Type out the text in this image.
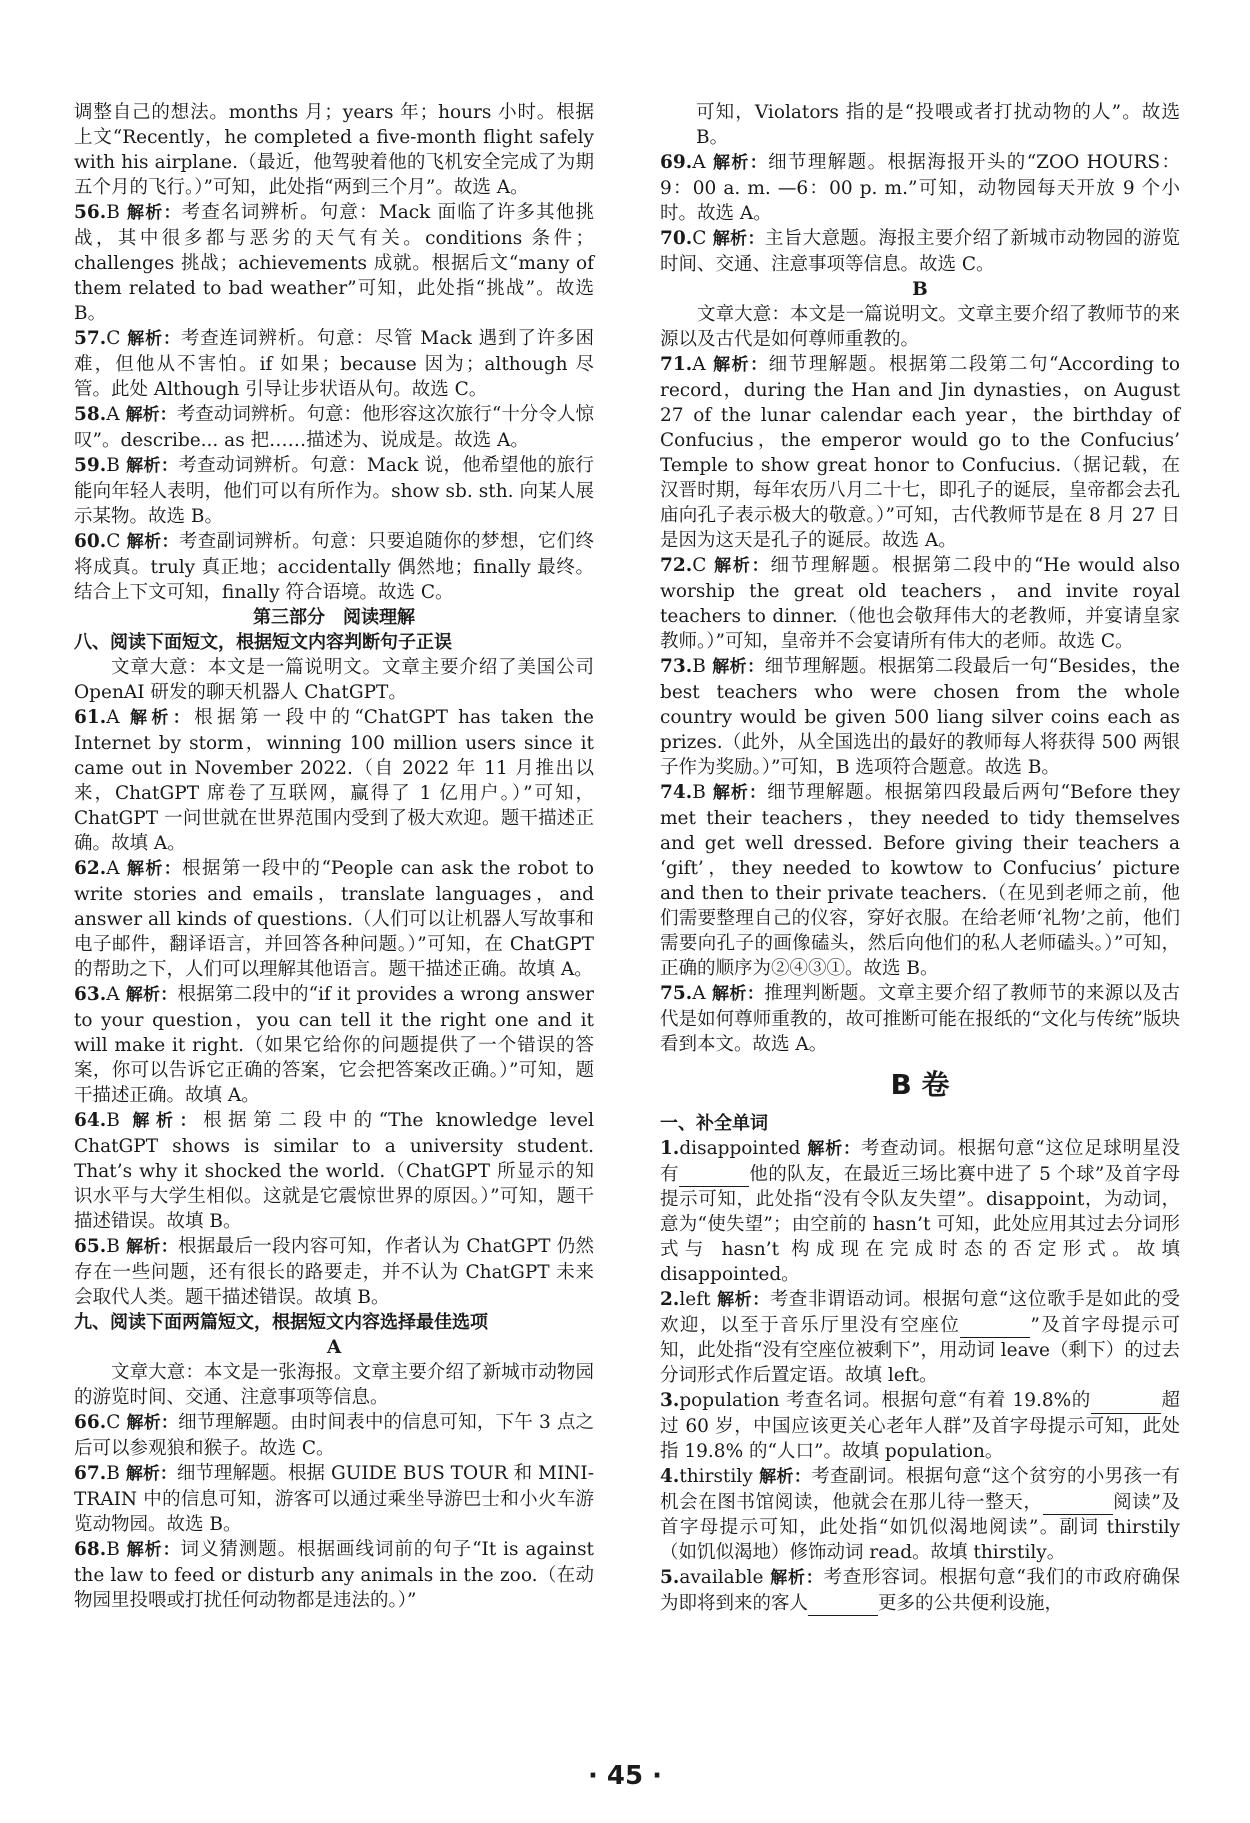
调整自己的想法。months 月；years 年；hours 小时。根据上文“Recently，he completed a five-month flight safely with his airplane.（最近，他驾驶着他的飞机安全完成了为期五个月的飞行。）”可知，此处指“两到三个月”。故选 A。

56.B 解析：考查名词辨析。句意：Mack 面临了许多其他挑战，其中很多都与恶劣的天气有关。conditions 条件；challenges 挑战；achievements 成就。根据后文“many of them related to bad weather”可知，此处指“挑战”。故选 B。

57.C 解析：考查连词辨析。句意：尽管 Mack 遇到了许多困难，但他从不害怕。if 如果；because 因为；although 尽管。此处 Although 引导让步状语从句。故选 C。

58.A 解析：考查动词辨析。句意：他形容这次旅行“十分令人惊叹”。describe... as 把……描述为、说成是。故选 A。

59.B 解析：考查动词辨析。句意：Mack 说，他希望他的旅行能向年轻人表明，他们可以有所作为。show sb. sth. 向某人展示某物。故选 B。

60.C 解析：考查副词辨析。句意：只要追随你的梦想，它们终将成真。truly 真正地；accidentally 偶然地；finally 最终。结合上下文可知，finally 符合语境。故选 C。

第三部分　阅读理解

八、阅读下面短文，根据短文内容判断句子正误

文章大意：本文是一篇说明文。文章主要介绍了美国公司 OpenAI 研发的聊天机器人 ChatGPT。

61.A 解析：根据第一段中的“ChatGPT has taken the Internet by storm，winning 100 million users since it came out in November 2022.（自 2022 年 11 月推出以来，ChatGPT 席卷了互联网，赢得了 1 亿用户。）”可知，ChatGPT 一问世就在世界范围内受到了极大欢迎。题干描述正确。故填 A。

62.A 解析：根据第一段中的“People can ask the robot to write stories and emails，translate languages，and answer all kinds of questions.（人们可以让机器人写故事和电子邮件，翻译语言，并回答各种问题。）”可知，在 ChatGPT 的帮助之下，人们可以理解其他语言。题干描述正确。故填 A。

63.A 解析：根据第二段中的“if it provides a wrong answer to your question，you can tell it the right one and it will make it right.（如果它给你的问题提供了一个错误的答案，你可以告诉它正确的答案，它会把答案改正确。）”可知，题干描述正确。故填 A。

64.B 解析：根据第二段中的“The knowledge level ChatGPT shows is similar to a university student. That’s why it shocked the world.（ChatGPT 所显示的知识水平与大学生相似。这就是它震惊世界的原因。）”可知，题干描述错误。故填 B。

65.B 解析：根据最后一段内容可知，作者认为 ChatGPT 仍然存在一些问题，还有很长的路要走，并不认为 ChatGPT 未来会取代人类。题干描述错误。故填 B。

九、阅读下面两篇短文，根据短文内容选择最佳选项

A

文章大意：本文是一张海报。文章主要介绍了新城市动物园的游览时间、交通、注意事项等信息。

66.C 解析：细节理解题。由时间表中的信息可知，下午 3 点之后可以参观狼和猴子。故选 C。

67.B 解析：细节理解题。根据 GUIDE BUS TOUR 和 MINI-TRAIN 中的信息可知，游客可以通过乘坐导游巴士和小火车游览动物园。故选 B。

68.B 解析：词义猜测题。根据画线词前的句子“It is against the law to feed or disturb any animals in the zoo.（在动物园里投喂或打扰任何动物都是违法的。）”

可知，Violators 指的是“投喂或者打扰动物的人”。故选 B。

69.A 解析：细节理解题。根据海报开头的“ZOO HOURS：9：00 a. m. —6：00 p. m.”可知，动物园每天开放 9 个小时。故选 A。

70.C 解析：主旨大意题。海报主要介绍了新城市动物园的游览时间、交通、注意事项等信息。故选 C。

B

文章大意：本文是一篇说明文。文章主要介绍了教师节的来源以及古代是如何尊师重教的。

71.A 解析：细节理解题。根据第二段第二句“According to record，during the Han and Jin dynasties，on August 27 of the lunar calendar each year，the birthday of Confucius，the emperor would go to the Confucius’ Temple to show great honor to Confucius.（据记载，在汉晋时期，每年农历八月二十七，即孔子的诞辰，皇帝都会去孔庙向孔子表示极大的敬意。）”可知，古代教师节是在 8 月 27 日是因为这天是孔子的诞辰。故选 A。

72.C 解析：细节理解题。根据第二段中的“He would also worship the great old teachers，and invite royal teachers to dinner.（他也会敬拜伟大的老教师，并宴请皇家教师。）”可知，皇帝并不会宴请所有伟大的老师。故选 C。

73.B 解析：细节理解题。根据第二段最后一句“Besides，the best teachers who were chosen from the whole country would be given 500 liang silver coins each as prizes.（此外，从全国选出的最好的教师每人将获得 500 两银子作为奖励。）”可知，B 选项符合题意。故选 B。

74.B 解析：细节理解题。根据第四段最后两句“Before they met their teachers，they needed to tidy themselves and get well dressed. Before giving their teachers a ‘gift’，they needed to kowtow to Confucius’ picture and then to their private teachers.（在见到老师之前，他们需要整理自己的仪容，穿好衣服。在给老师‘礼物’之前，他们需要向孔子的画像磕头，然后向他们的私人老师磕头。）”可知，正确的顺序为②④③①。故选 B。

75.A 解析：推理判断题。文章主要介绍了教师节的来源以及古代是如何尊师重教的，故可推断可能在报纸的“文化与传统”版块看到本文。故选 A。

B 卷

一、补全单词

1.disappointed 解析：考查动词。根据句意“这位足球明星没有	他的队友，在最近三场比赛中进了 5 个球”及首字母提示可知，此处指“没有令队友失望”。disappoint，为动词，意为“使失望”；由空前的 hasn’t 可知，此处应用其过去分词形式与 hasn’t 构成现在完成时态的否定形式。故填 disappointed。

2.left 解析：考查非谓语动词。根据句意“这位歌手是如此的受欢迎，以至于音乐厅里没有空座位	”及首字母提示可知，此处指“没有空座位被剩下”，用动词 leave（剩下）的过去分词形式作后置定语。故填 left。

3.population 考查名词。根据句意“有着 19.8%的	超过 60 岁，中国应该更关心老年人群”及首字母提示可知，此处指 19.8% 的“人口”。故填 population。

4.thirstily 解析：考查副词。根据句意“这个贫穷的小男孩一有机会在图书馆阅读，他就会在那儿待一整天，	阅读”及首字母提示可知，此处指“如饥似渴地阅读”。副词 thirstily（如饥似渴地）修饰动词 read。故填 thirstily。

5.available 解析：考查形容词。根据句意“我们的市政府确保为即将到来的客人	更多的公共便利设施，

· 45 ·
